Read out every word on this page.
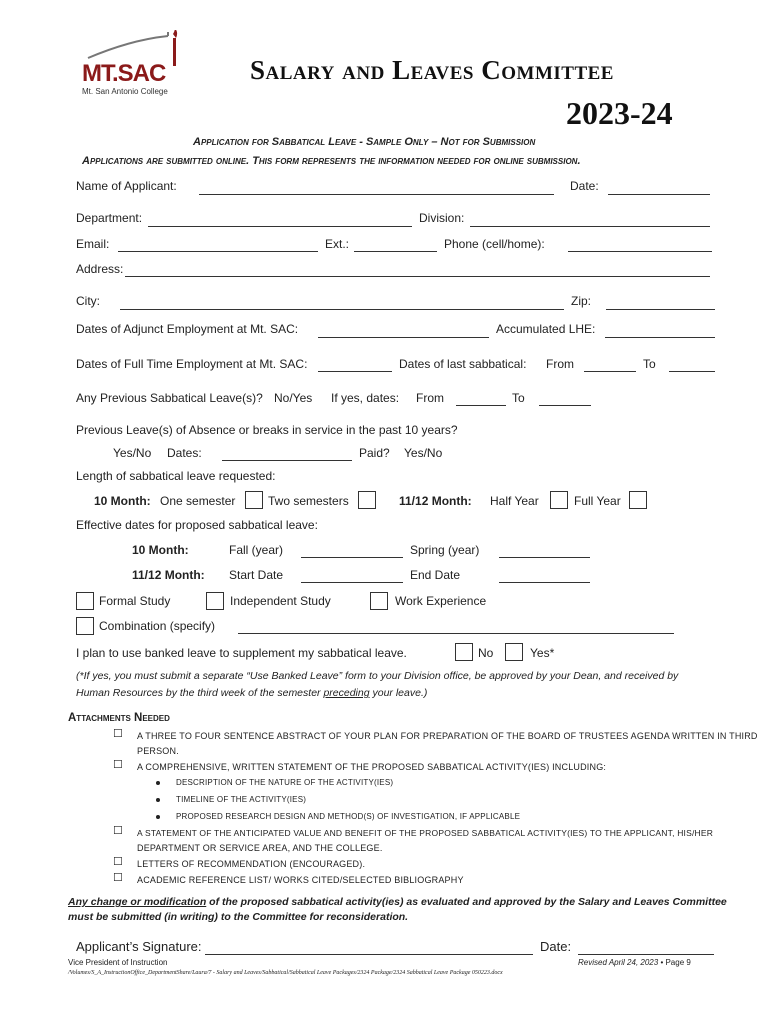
MT.SAC
Mt. San Antonio College
Salary and Leaves Committee
2023-24
Application for Sabbatical Leave - Sample Only – Not for Submission
Applications are submitted online. This form represents the information needed for online submission.
Name of Applicant:	Date:
Department:	Division:
Email:	Ext.:	Phone (cell/home):
Address:
City:	Zip:
Dates of Adjunct Employment at Mt. SAC:	Accumulated LHE:
Dates of Full Time Employment at Mt. SAC:	Dates of last sabbatical: From	To
Any Previous Sabbatical Leave(s)? No/Yes If yes, dates: From	To
Previous Leave(s) of Absence or breaks in service in the past 10 years?
Yes/No Dates:	Paid? Yes/No
Length of sabbatical leave requested:
10 Month: One semester	Two semesters	11/12 Month: Half Year	Full Year
Effective dates for proposed sabbatical leave:
10 Month:	Fall (year)	Spring (year)
11/12 Month: Start Date	End Date
Formal Study	Independent Study	Work Experience
Combination (specify)
I plan to use banked leave to supplement my sabbatical leave.	No	Yes*
(*If yes, you must submit a separate “Use Banked Leave” form to your Division office, be approved by your Dean, and received by
Human Resources by the third week of the semester preceding your leave.)
Attachments Needed
☐ A THREE TO FOUR SENTENCE ABSTRACT OF YOUR PLAN FOR PREPARATION OF THE BOARD OF TRUSTEES AGENDA WRITTEN IN THIRD
PERSON.
☐ A COMPREHENSIVE, WRITTEN STATEMENT OF THE PROPOSED SABBATICAL ACTIVITY(IES) INCLUDING:
DESCRIPTION OF THE NATURE OF THE ACTIVITY(IES)
TIMELINE OF THE ACTIVITY(IES)
PROPOSED RESEARCH DESIGN AND METHOD(S) OF INVESTIGATION, IF APPLICABLE
☐ A STATEMENT OF THE ANTICIPATED VALUE AND BENEFIT OF THE PROPOSED SABBATICAL ACTIVITY(IES) TO THE APPLICANT, HIS/HER
DEPARTMENT OR SERVICE AREA, AND THE COLLEGE.
☐ LETTERS OF RECOMMENDATION (ENCOURAGED).
☐ ACADEMIC REFERENCE LIST/ WORKS CITED/SELECTED BIBLIOGRAPHY
Any change or modification of the proposed sabbatical activity(ies) as evaluated and approved by the Salary and Leaves Committee
must be submitted (in writing) to the Committee for reconsideration.
Applicant’s Signature:	Date:
Vice President of Instruction	Revised April 24, 2023 • Page 9
/Volumes/S_A_InstructionOffice_DepartmentShare/Laura/7 - Salary and Leaves/Sabbatical/Sabbatical Leave Packages/2324 Package/2324 Sabbatical Leave Package 050223.docx
